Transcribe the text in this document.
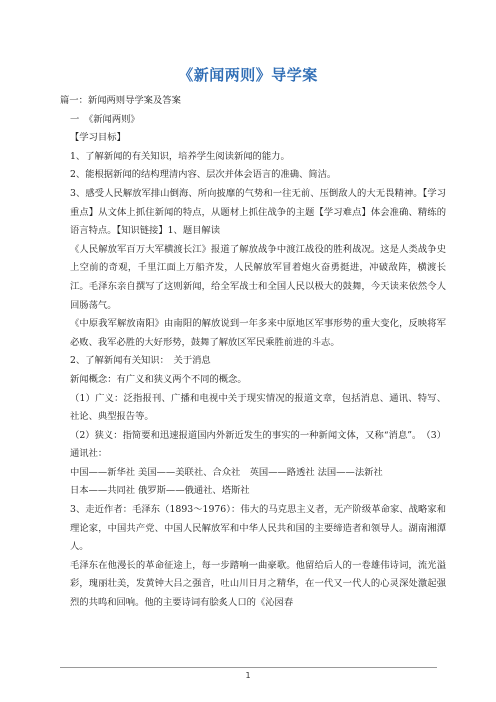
《新闻两则》导学案
篇一：新闻两则导学案及答案
一　《新闻两则》
【学习目标】
1、了解新闻的有关知识，培养学生阅读新闻的能力。
2、能根据新闻的结构理清内容、层次并体会语言的准确、简洁。
3、感受人民解放军排山倒海、所向披靡的气势和一往无前、压倒敌人的大无畏精神。【学习重点】从文体上抓住新闻的特点，从题材上抓住战争的主题【学习难点】体会准确、精练的语言特点。【知识链接】1、题目解读
《人民解放军百万大军横渡长江》报道了解放战争中渡江战役的胜利战况。这是人类战争史上空前的奇观，千里江面上万船齐发，人民解放军冒着炮火奋勇挺进，冲破敌阵，横渡长江。毛泽东亲自撰写了这则新闻，给全军战士和全国人民以极大的鼓舞，今天读来依然令人回肠荡气。
《中原我军解放南阳》由南阳的解放说到一年多来中原地区军事形势的重大变化，反映将军必败、我军必胜的大好形势，鼓舞了解放区军民乘胜前进的斗志。
2、了解新闻有关知识：　关于消息
新闻概念：有广义和狭义两个不同的概念。
（1）广义：泛指报刊、广播和电视中关于现实情况的报道文章，包括消息、通讯、特写、社论、典型报告等。
（2）狭义：指简要和迅速报道国内外新近发生的事实的一种新闻文体，又称“消息”。　（3）通讯社：
中国——新华社 美国——美联社、合众社　英国——路透社 法国——法新社
日本——共同社 俄罗斯——俄通社、塔斯社
3、走近作者：毛泽东（1893～1976）：伟大的马克思主义者，无产阶级革命家、战略家和理论家，中国共产党、中国人民解放军和中华人民共和国的主要缔造者和领导人。湖南湘潭人。
毛泽东在他漫长的革命征途上，每一步踏响一曲豪歌。他留给后人的一卷雄伟诗词，流光溢彩，瑰丽壮美，发黄钟大吕之强音，吐山川日月之精华，在一代又一代人的心灵深处激起强烈的共鸣和回响。他的主要诗词有脍炙人口的《沁园春
1
